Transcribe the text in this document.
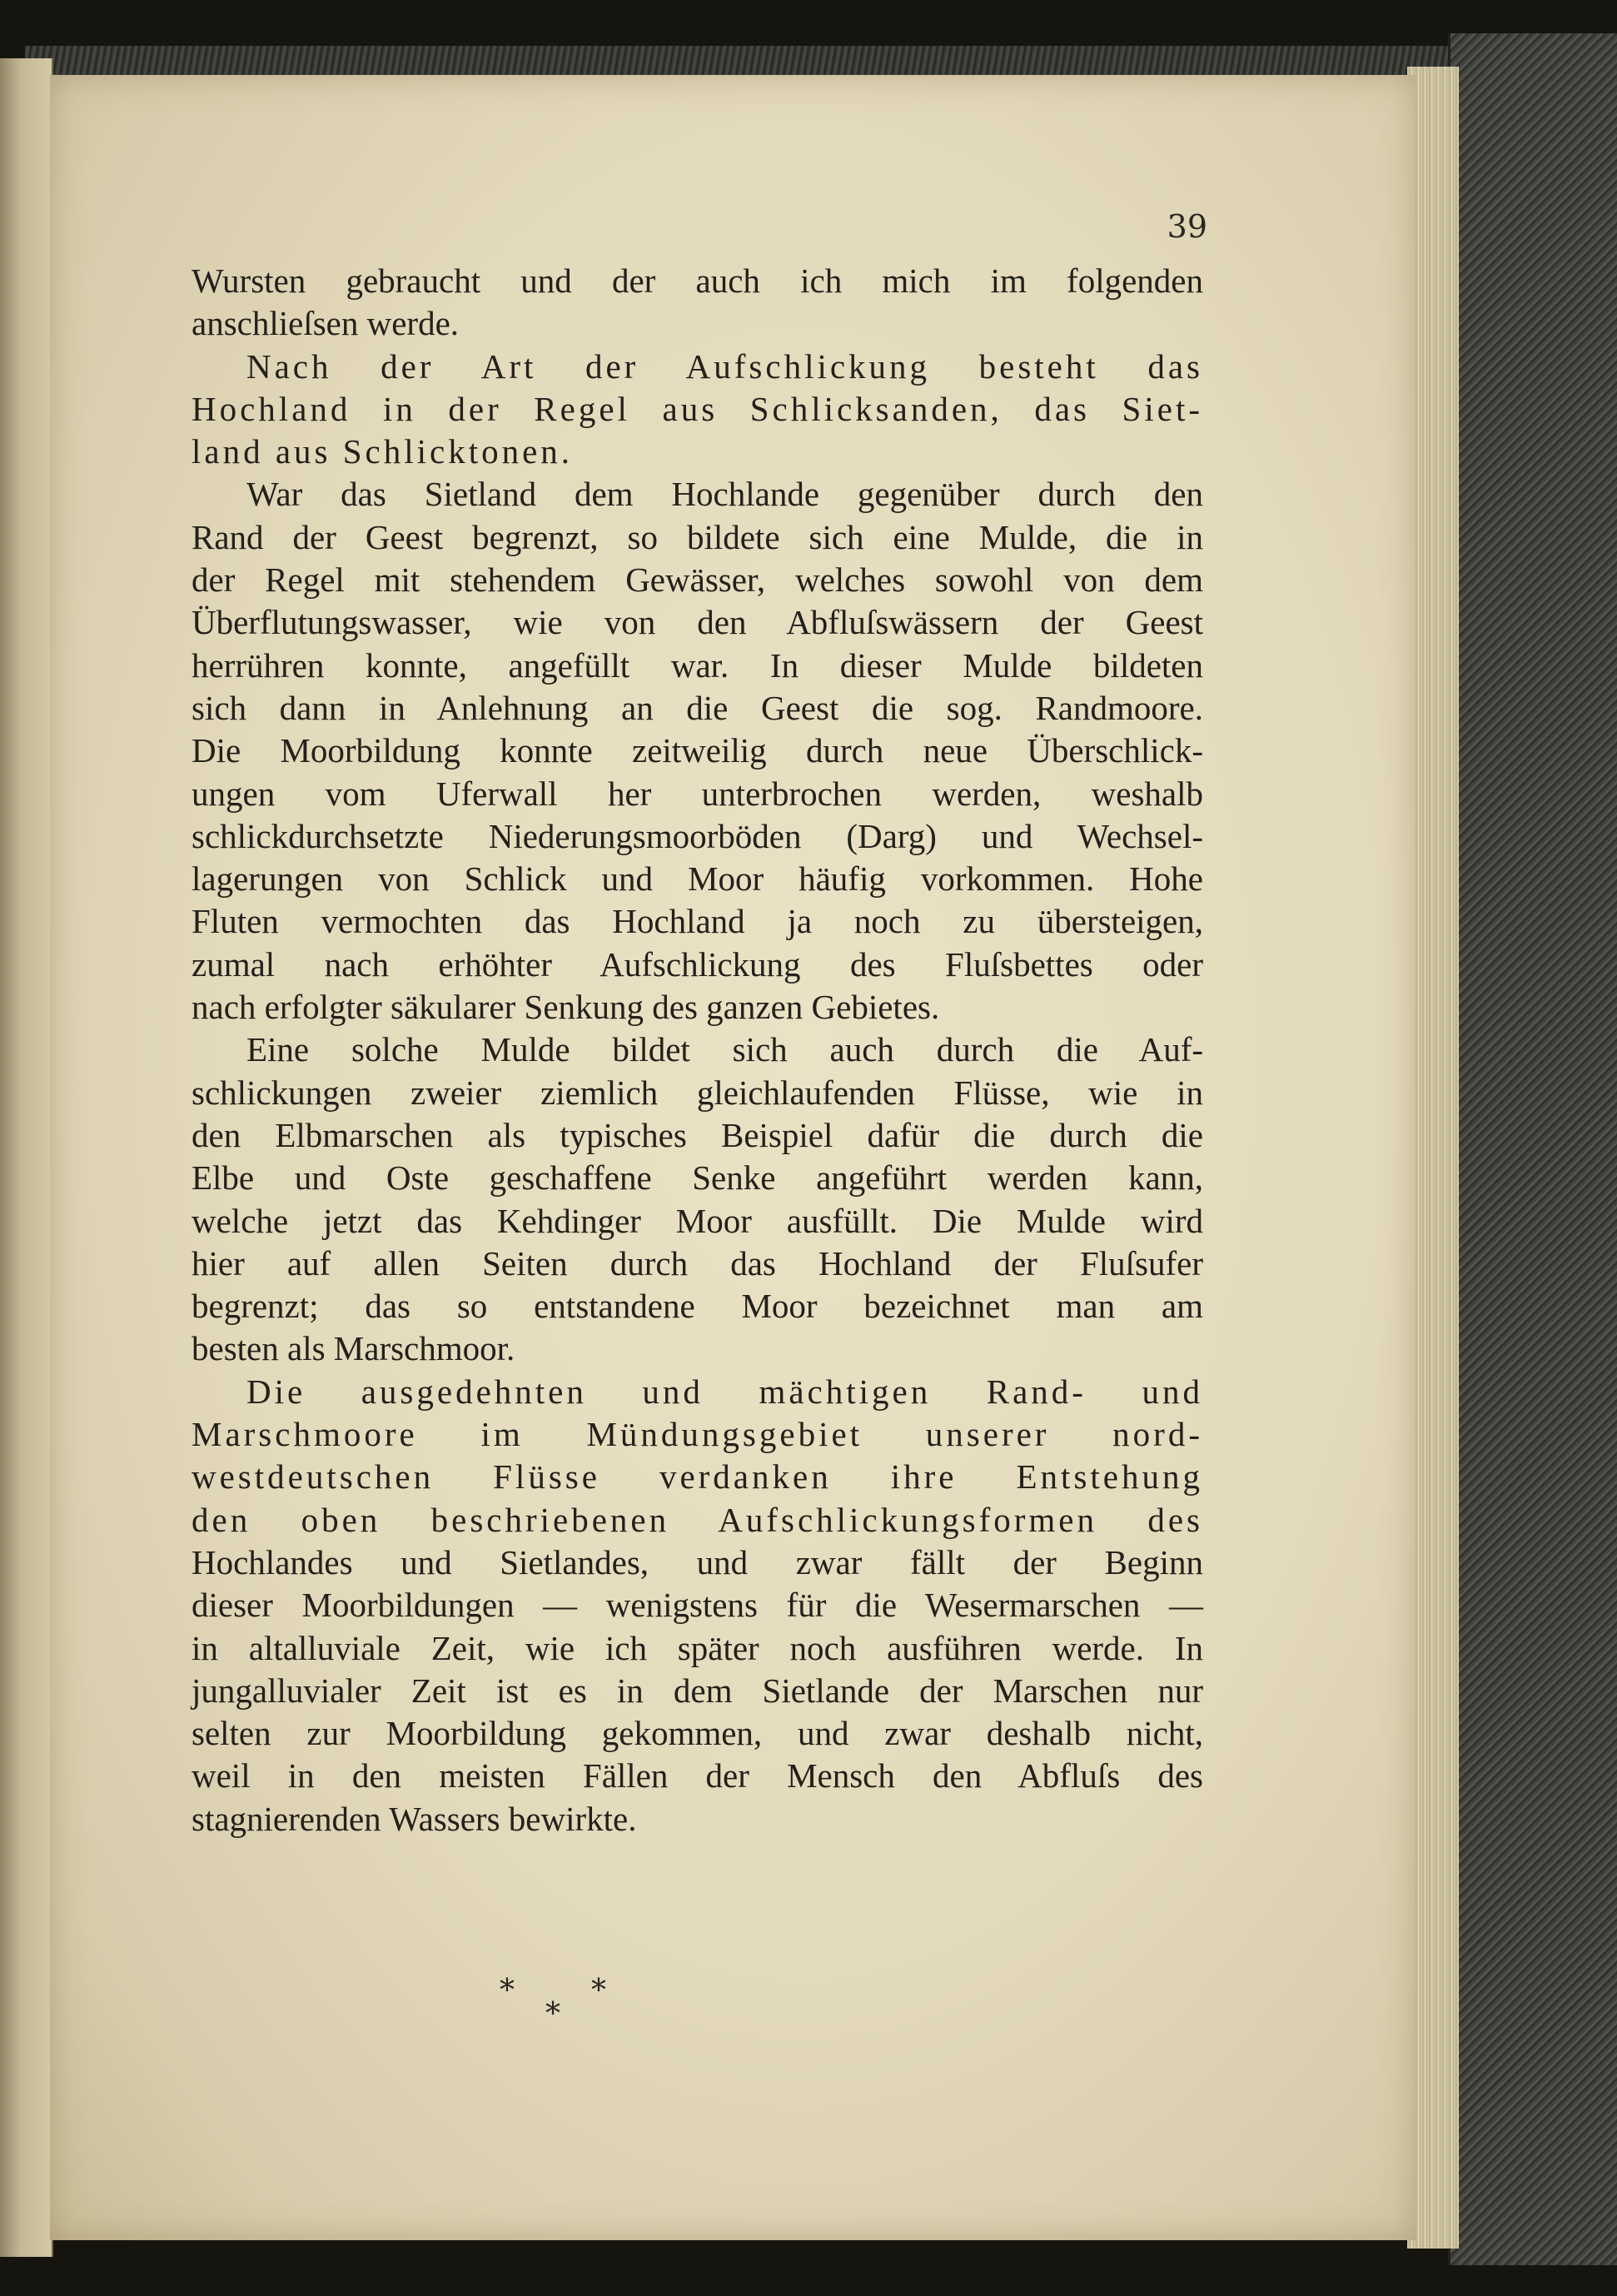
39

Wursten gebraucht und der auch ich mich im folgenden
anschlieſsen werde.

Nach der Art der Aufschlickung besteht das
Hochland in der Regel aus Schlicksanden, das Siet-
land aus Schlicktonen.

War das Sietland dem Hochlande gegenüber durch den
Rand der Geest begrenzt, so bildete sich eine Mulde, die in
der Regel mit stehendem Gewässer, welches sowohl von dem
Überflutungswasser, wie von den Abfluſswässern der Geest
herrühren konnte, angefüllt war. In dieser Mulde bildeten
sich dann in Anlehnung an die Geest die sog. Randmoore.
Die Moorbildung konnte zeitweilig durch neue Überschlick-
ungen vom Uferwall her unterbrochen werden, weshalb
schlickdurchsetzte Niederungsmoorböden (Darg) und Wechsel-
lagerungen von Schlick und Moor häufig vorkommen. Hohe
Fluten vermochten das Hochland ja noch zu übersteigen,
zumal nach erhöhter Aufschlickung des Fluſsbettes oder
nach erfolgter säkularer Senkung des ganzen Gebietes.

Eine solche Mulde bildet sich auch durch die Auf-
schlickungen zweier ziemlich gleichlaufenden Flüsse, wie in
den Elbmarschen als typisches Beispiel dafür die durch die
Elbe und Oste geschaffene Senke angeführt werden kann,
welche jetzt das Kehdinger Moor ausfüllt. Die Mulde wird
hier auf allen Seiten durch das Hochland der Fluſsufer
begrenzt; das so entstandene Moor bezeichnet man am
besten als Marschmoor.

Die ausgedehnten und mächtigen Rand- und
Marschmoore im Mündungsgebiet unserer nord-
westdeutschen Flüsse verdanken ihre Entstehung
den oben beschriebenen Aufschlickungsformen des
Hochlandes und Sietlandes, und zwar fällt der Beginn
dieser Moorbildungen — wenigstens für die Wesermarschen —
in altalluviale Zeit, wie ich später noch ausführen werde. In
jungalluvialer Zeit ist es in dem Sietlande der Marschen nur
selten zur Moorbildung gekommen, und zwar deshalb nicht,
weil in den meisten Fällen der Mensch den Abfluſs des
stagnierenden Wassers bewirkte.

*	*
*
